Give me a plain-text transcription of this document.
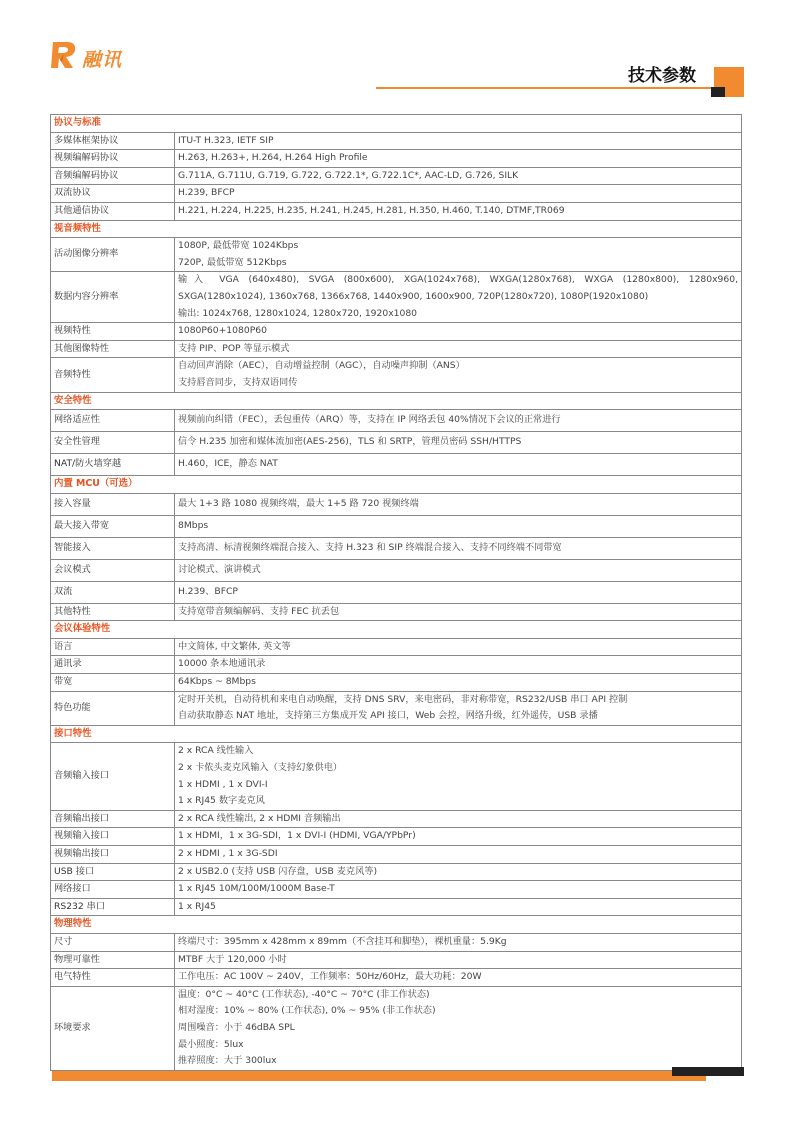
融讯
技术参数
协议与标准	
多媒体框架协议	ITU-T H.323, IETF SIP

视频编解码协议	H.263, H.263+, H.264, H.264 High Profile

音频编解码协议	G.711A, G.711U, G.719, G.722, G.722.1*, G.722.1C*, AAC-LD, G.726, SILK

双流协议	H.239, BFCP

其他通信协议	H.221, H.224, H.225, H.235, H.241, H.245, H.281, H.350, H.460, T.140, DTMF,TR069

视音频特性	
活动图像分辨率	1080P, 最低带宽 1024Kbps
720P, 最低带宽 512Kbps

数据内容分辨率	输入 VGA (640x480), SVGA (800x600), XGA(1024x768), WXGA(1280x768), WXGA (1280x800), 1280x960, SXGA(1280x1024), 1360x768, 1366x768, 1440x900, 1600x900, 720P(1280x720), 1080P(1920x1080)
输出: 1024x768, 1280x1024, 1280x720, 1920x1080

视频特性	1080P60+1080P60

其他图像特性	支持 PIP、POP 等显示模式

音频特性	自动回声消除（AEC），自动增益控制（AGC），自动噪声抑制（ANS）
支持唇音同步，支持双语同传

安全特性	
网络适应性	视频前向纠错（FEC），丢包重传（ARQ）等，支持在 IP 网络丢包 40%情况下会议的正常进行

安全性管理	信令 H.235 加密和媒体流加密(AES-256)，TLS 和 SRTP，管理员密码 SSH/HTTPS

NAT/防火墙穿越	H.460，ICE，静态 NAT

内置 MCU（可选）	
接入容量	最大 1+3 路 1080 视频终端，最大 1+5 路 720 视频终端

最大接入带宽	8Mbps

智能接入	支持高清、标清视频终端混合接入、支持 H.323 和 SIP 终端混合接入、支持不同终端不同带宽

会议模式	讨论模式、演讲模式

双流	H.239、BFCP

其他特性	支持宽带音频编解码、支持 FEC 抗丢包

会议体验特性	
语言	中文简体, 中文繁体, 英文等

通讯录	10000 条本地通讯录

带宽	64Kbps ~ 8Mbps

特色功能	定时开关机，自动待机和来电自动唤醒，支持 DNS SRV，来电密码，非对称带宽，RS232/USB 串口 API 控制
自动获取静态 NAT 地址，支持第三方集成开发 API 接口，Web 会控，网络升级，红外遥传，USB 录播

接口特性	
音频输入接口	2 x RCA 线性输入
2 x 卡侬头麦克风输入（支持幻象供电）
1 x HDMI , 1 x DVI-I
1 x RJ45 数字麦克风

音频输出接口	2 x RCA 线性输出, 2 x HDMI 音频输出

视频输入接口	1 x HDMI，1 x 3G-SDI，1 x DVI-I (HDMI, VGA/YPbPr)

视频输出接口	2 x HDMI , 1 x 3G-SDI

USB 接口	2 x USB2.0 (支持 USB 闪存盘，USB 麦克风等)

网络接口	1 x RJ45 10M/100M/1000M Base-T

RS232 串口	1 x RJ45

物理特性	
尺寸	终端尺寸：395mm x 428mm x 89mm（不含挂耳和脚垫），裸机重量：5.9Kg

物理可靠性	MTBF 大于 120,000 小时

电气特性	工作电压：AC 100V ~ 240V，工作频率：50Hz/60Hz，最大功耗：20W

环境要求	温度：0°C ~ 40°C (工作状态), -40°C ~ 70°C (非工作状态)
相对湿度：10% ~ 80% (工作状态), 0% ~ 95% (非工作状态)
周围噪音：小于 46dBA SPL
最小照度：5lux
推荐照度：大于 300lux
